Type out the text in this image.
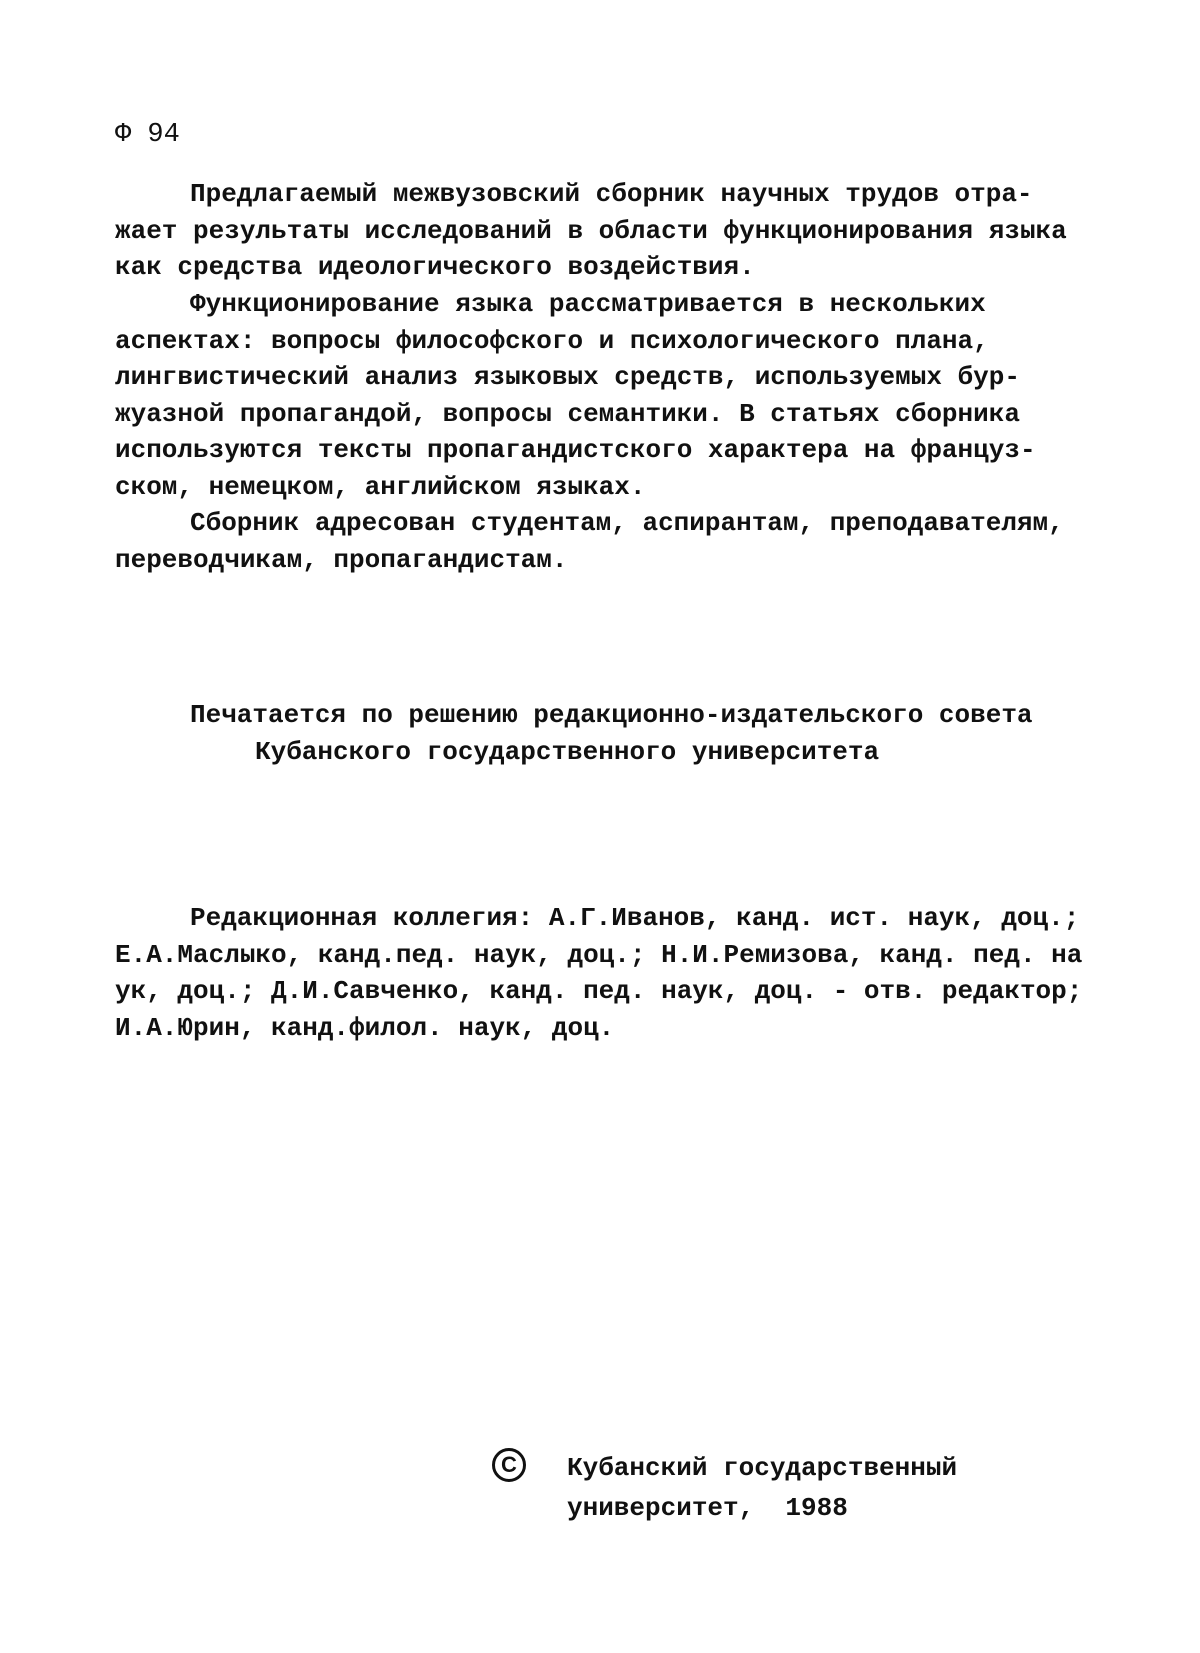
Ф 94
Предлагаемый межвузовский сборник научных трудов отра-
жает результаты исследований в области функционирования языка
как средства идеологического воздействия.
Функционирование языка рассматривается в нескольких
аспектах: вопросы философского и психологического плана,
лингвистический анализ языковых средств, используемых бур-
жуазной пропагандой, вопросы семантики. В статьях сборника
используются тексты пропагандистского характера на француз-
ском, немецком, английском языках.
Сборник адресован студентам, аспирантам, преподавателям,
переводчикам, пропагандистам.
Печатается по решению редакционно-издательского совета
Кубанского государственного университета
Редакционная коллегия: А.Г.Иванов, канд. ист. наук, доц.;
Е.А.Маслыко, канд.пед. наук, доц.; Н.И.Ремизова, канд. пед. на
ук, доц.; Д.И.Савченко, канд. пед. наук, доц. - отв. редактор;
И.А.Юрин, канд.филол. наук, доц.
C	Кубанский государственный
университет,  1988
